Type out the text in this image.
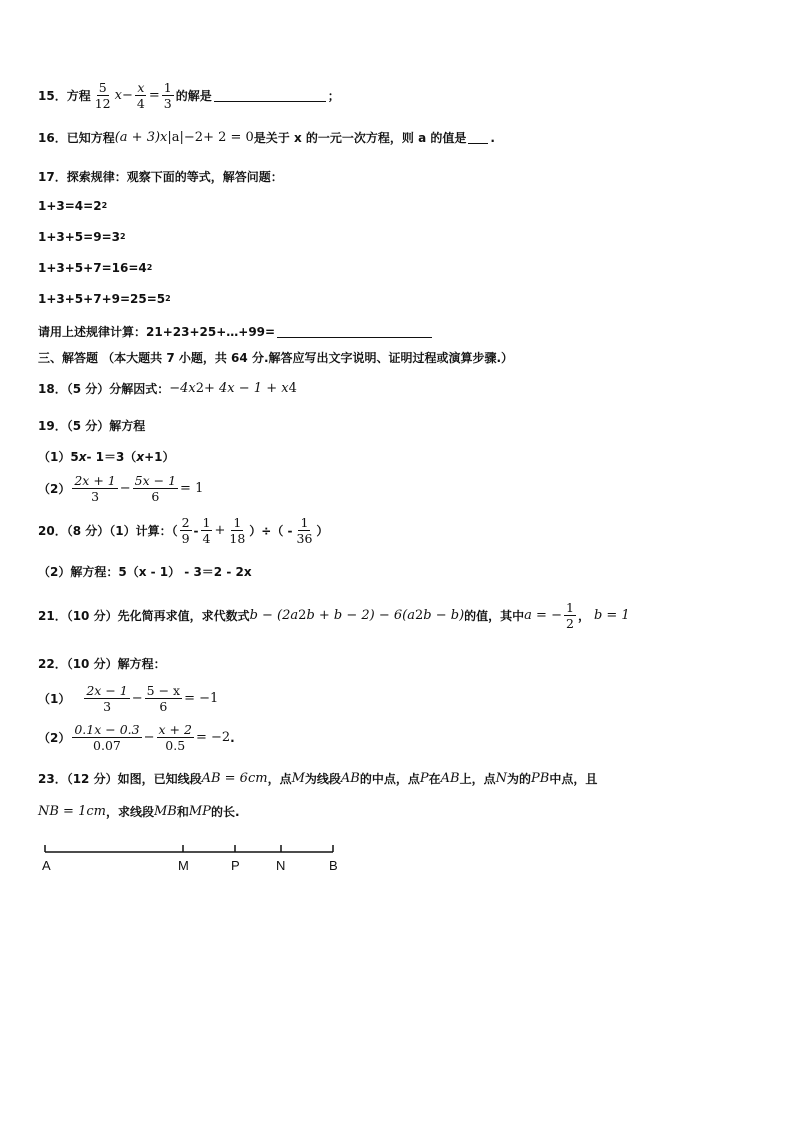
15． 方程 $\frac{5}{12}$ $x - \frac{x}{4} = \frac{1}{3}$ 的解是	；
16． 已知方程 (a + 3)x |a|−2 + 2 = 0 是关于 x 的一元一次方程，则 a 的值是 .
17．探索规律：观察下面的等式，解答问题：
1+3=4=2 2
1+3+5=9=3 2
1+3+5+7=16=4 2
1+3+5+7+9=25=5 2
请用上述规律计算：21+23+25+…+99=
三、解答题 （本大题共 7 小题，共 64 分.解答应写出文字说明、证明过程或演算步骤.）
18．（5 分）分解因式： −4x 2 + 4x − 1 + x 4
19．（5 分）解方程
（1）5 x - 1＝3（ x +1）
$(2) \frac{2x + 1}{3} - \frac{5x - 1}{6} = 1$
20．（8 分）（1）计算：（ $\frac{2}{9} - \frac{1}{4} + \frac{1}{18}$ ）÷（ - $\frac{1}{36}$ ）
（2）解方程：5（x - 1） - 3＝2 - 2x
21．（10 分）先化简再求值，求代数式 b − (2a 2 b + b − 2) − 6(a 2 b − b) 的值，其中 a = − $\frac{1}{2}$ ， b = 1
22．（10 分）解方程：
$(1) \frac{2x - 1}{3} - \frac{5 - x}{6} = -1$
$(2) \frac{0.1x - 0.3}{0.07} - \frac{x + 2}{0.5} = -2$ .
23．（12 分）如图，已知线段 AB = 6cm ，点 M 为线段 AB 的中点，点 P 在 AB 上，点 N 为的 PB 中点，且
NB = 1cm ，求线段 MB 和 MP 的长.
A	M	P	N	B
